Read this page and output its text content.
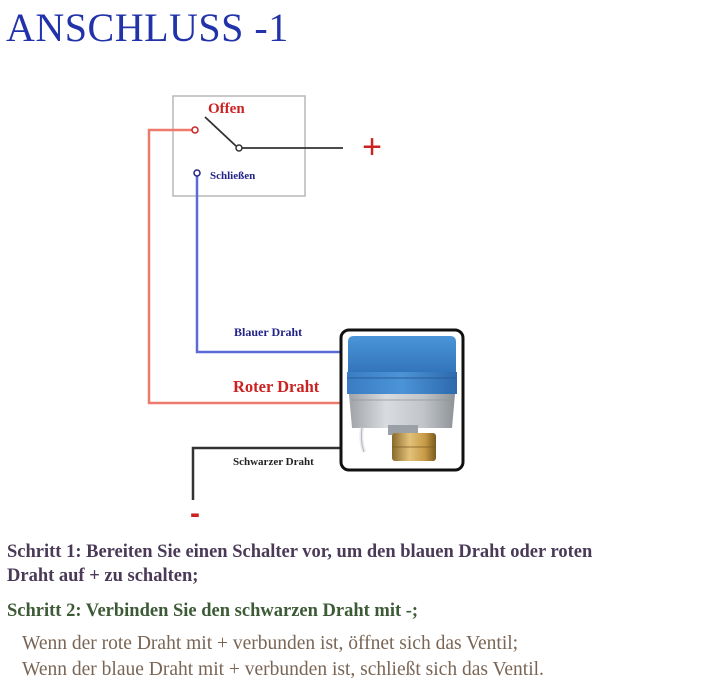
ANSCHLUSS -1
Offen
Schließen
+
-
Blauer Draht
Roter Draht
Schwarzer Draht

Schritt 1: Bereiten Sie einen Schalter vor, um den blauen Draht oder roten

Draht auf + zu schalten;

Schritt 2: Verbinden Sie den schwarzen Draht mit -;

Wenn der rote Draht mit + verbunden ist, öffnet sich das Ventil;

Wenn der blaue Draht mit + verbunden ist, schließt sich das Ventil.
